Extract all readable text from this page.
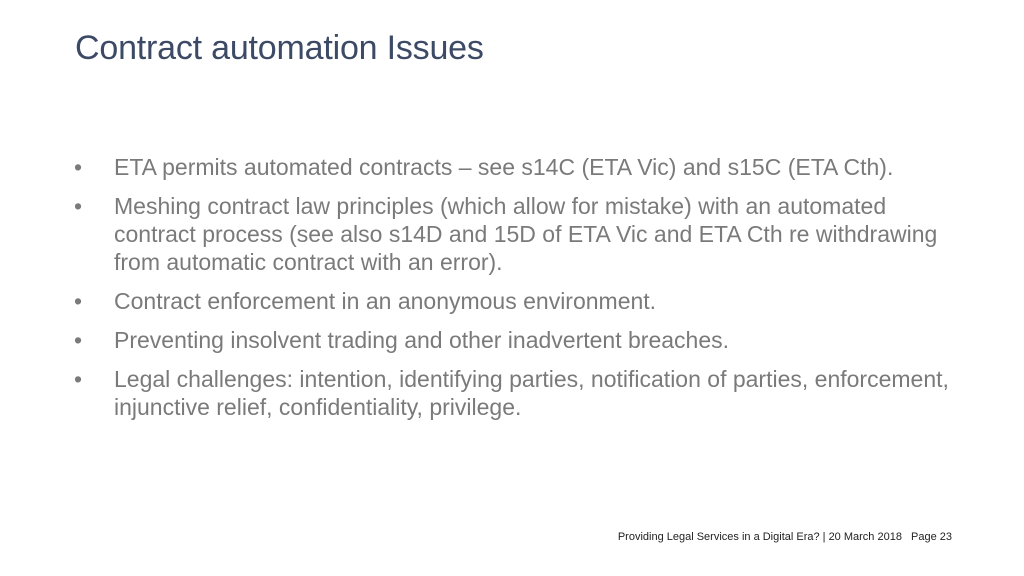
Contract automation Issues
• ETA permits automated contracts – see s14C (ETA Vic) and s15C (ETA Cth).
• Meshing contract law principles (which allow for mistake) with an automated contract process (see also s14D and 15D of ETA Vic and ETA Cth re withdrawing from automatic contract with an error).
• Contract enforcement in an anonymous environment.
• Preventing insolvent trading and other inadvertent breaches.
• Legal challenges: intention, identifying parties, notification of parties, enforcement, injunctive relief, confidentiality, privilege.
Providing Legal Services in a Digital Era? | 20 March 2018 Page 23
